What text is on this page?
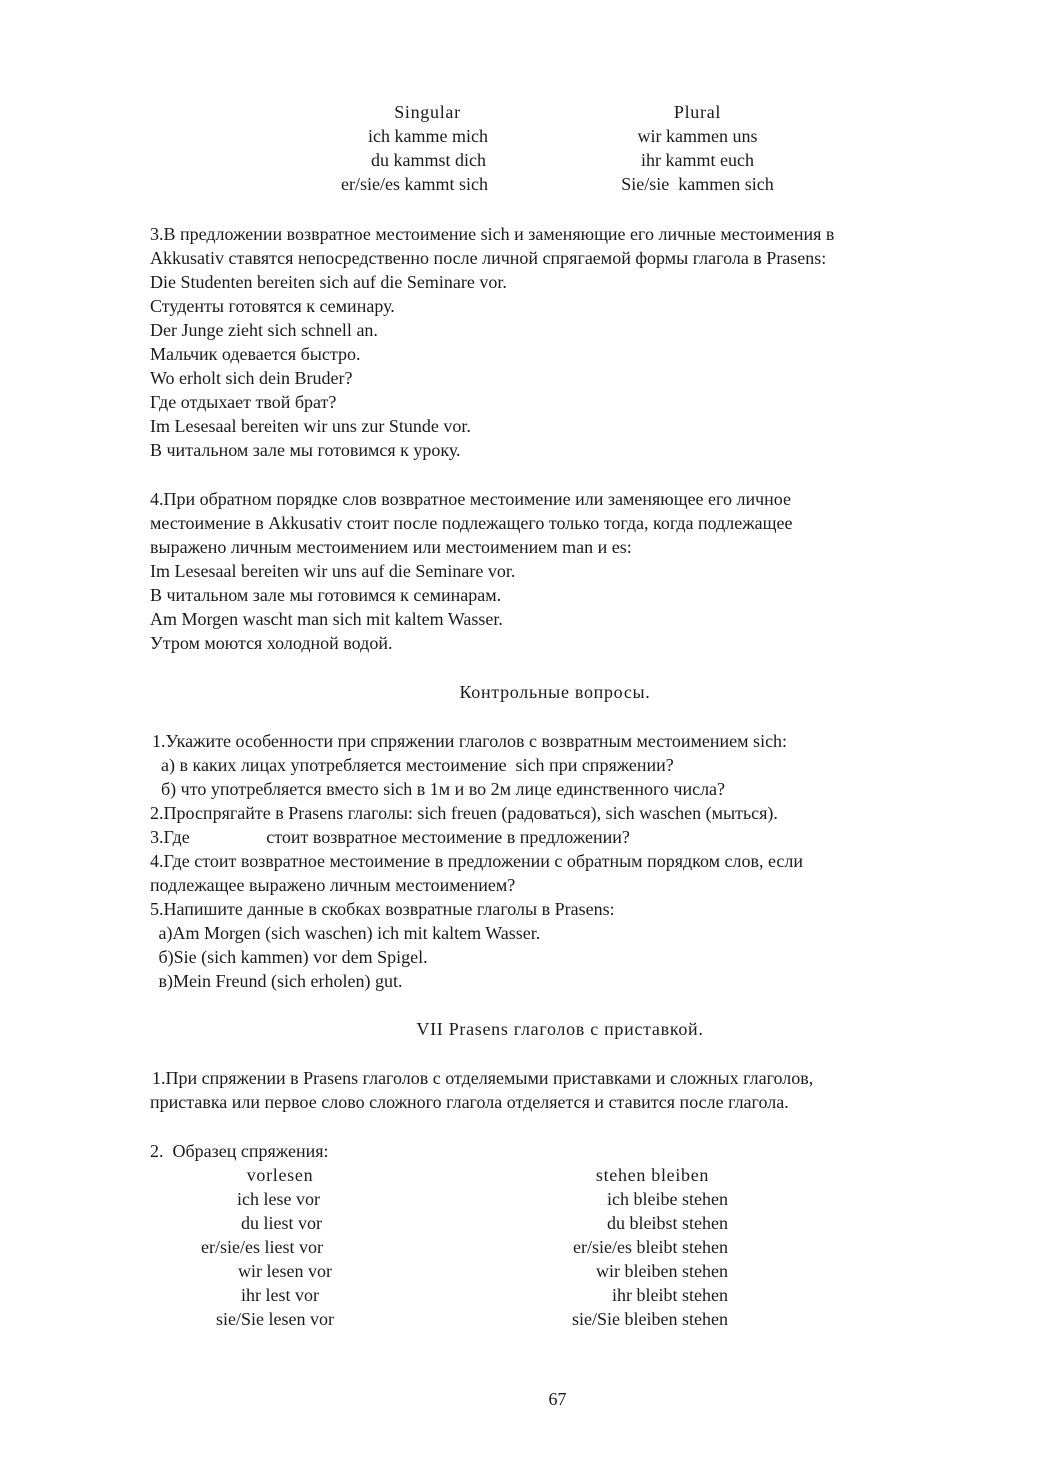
Singular	Plural
ich kamme mich
du kammst dich
er/sie/es kammt sich
wir kammen uns
ihr kammt euch
Sie/sie  kammen sich
3.В предложении возвратное местоимение sich и заменяющие его личные местоимения в
Akkusativ ставятся непосредственно после личной спрягаемой формы глагола в Prasens:
Die Studenten bereiten sich auf die Seminare vor.
Студенты готовятся к семинару.
Der Junge zieht sich schnell an.
Мальчик одевается быстро.
Wo erholt sich dein Bruder?
Где отдыхает твой брат?
Im Lesesaal bereiten wir uns zur Stunde vor.
В читальном зале мы готовимся к уроку.
4.При обратном порядке слов возвратное местоимение или заменяющее его личное
местоимение в Akkusativ стоит после подлежащего только тогда, когда подлежащее
выражено личным местоимением или местоимением man и es:
Im Lesesaal bereiten wir uns auf die Seminare vor.
В читальном зале мы готовимся к семинарам.
Am Morgen wascht man sich mit kaltem Wasser.
Утром моются холодной водой.
Контрольные вопросы.
1.Укажите особенности при спряжении глаголов с возвратным местоимением sich:
а) в каких лицах употребляется местоимение  sich при спряжении?
б) что употребляется вместо sich в 1м и во 2м лице единственного числа?
2.Проспрягайте в Prasens глаголы: sich freuen (радоваться), sich waschen (мыться).
3.Где                 стоит возвратное местоимение в предложении?
4.Где стоит возвратное местоимение в предложении с обратным порядком слов, если
подлежащее выражено личным местоимением?
5.Напишите данные в скобках возвратные глаголы в Prasens:
а)Am Morgen (sich waschen) ich mit kaltem Wasser.
б)Sie (sich kammen) vor dem Spigel.
в)Mein Freund (sich erholen) gut.
VII Prasens глаголов с приставкой.
1.При спряжении в Prasens глаголов с отделяемыми приставками и сложных глаголов,
приставка или первое слово сложного глагола отделяется и ставится после глагола.
2.  Образец спряжения:
vorlesen	stehen bleiben
ich lese vor
du liest vor
er/sie/es liest vor
wir lesen vor
ihr lest vor
sie/Sie lesen vor
ich bleibe stehen
du bleibst stehen
er/sie/es bleibt stehen
wir bleiben stehen
ihr bleibt stehen
sie/Sie bleiben stehen
67
